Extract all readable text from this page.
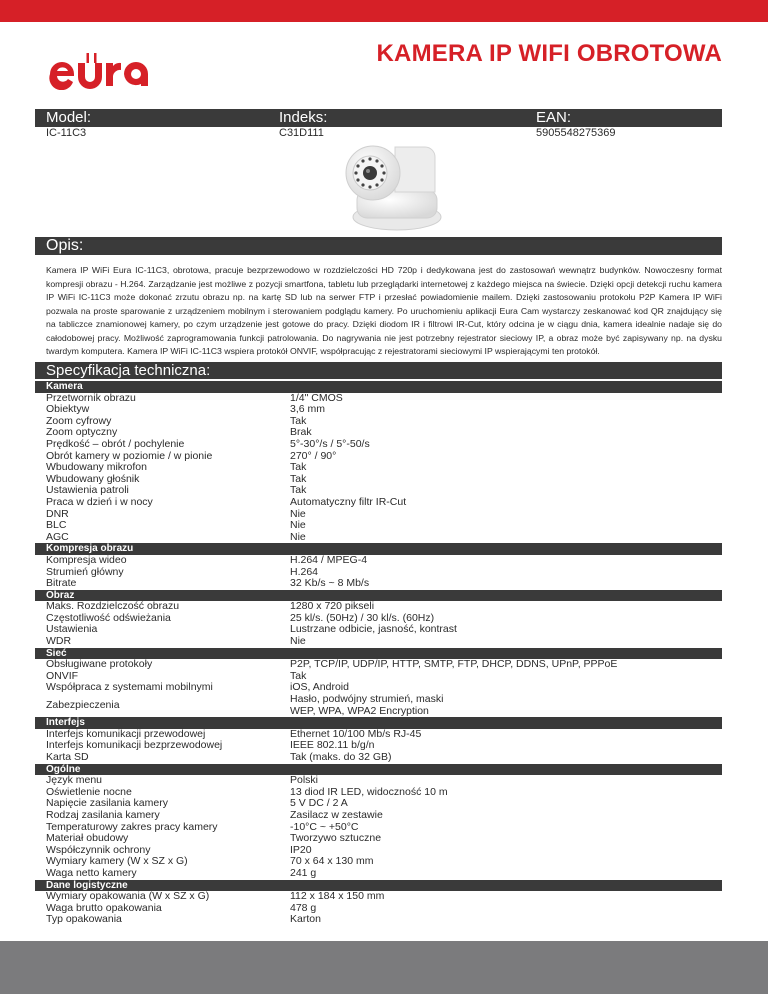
KAMERA IP WIFI OBROTOWA
Model:	Indeks:	EAN:
IC-11C3	C31D111	5905548275369
Opis:
Kamera IP WiFi Eura IC-11C3, obrotowa, pracuje bezprzewodowo w rozdzielczości HD 720p i dedykowana jest do zastosowań wewnątrz budynków. Nowoczesny format kompresji obrazu - H.264. Zarządzanie jest możliwe z pozycji smartfona, tabletu lub przeglądarki internetowej z każdego miejsca na świecie. Dzięki opcji detekcji ruchu kamera IP WiFi IC-11C3 może dokonać zrzutu obrazu np. na kartę SD lub na serwer FTP i przesłać powiadomienie mailem. Dzięki zastosowaniu protokołu P2P Kamera IP WiFi pozwala na proste sparowanie z urządzeniem mobilnym i sterowaniem podglądu kamery. Po uruchomieniu aplikacji Eura Cam wystarczy zeskanować kod QR znajdujący się na tabliczce znamionowej kamery, po czym urządzenie jest gotowe do pracy. Dzięki diodom IR i filtrowi IR-Cut, który odcina je w ciągu dnia, kamera idealnie nadaje się do całodobowej pracy. Możliwość zaprogramowania funkcji patrolowania. Do nagrywania nie jest potrzebny rejestrator sieciowy IP, a obraz może być zapisywany np. na dysku twardym komputera. Kamera IP WiFi IC-11C3 wspiera protokół ONVIF, współpracując z rejestratorami sieciowymi IP wspierającymi ten protokół.
Specyfikacja techniczna:
Kamera
Przetwornik obrazu	1/4" CMOS
Obiektyw	3,6 mm
Zoom cyfrowy	Tak
Zoom optyczny	Brak
Prędkość – obrót / pochylenie	5°-30°/s / 5°-50/s
Obrót kamery w poziomie / w pionie	270° / 90°
Wbudowany mikrofon	Tak
Wbudowany głośnik	Tak
Ustawienia patroli	Tak
Praca w dzień i w nocy	Automatyczny filtr IR-Cut
DNR	Nie
BLC	Nie
AGC	Nie
Kompresja obrazu
Kompresja wideo	H.264 / MPEG-4
Strumień główny	H.264
Bitrate	32 Kb/s ~ 8 Mb/s
Obraz
Maks. Rozdzielczość obrazu	1280 x 720 pikseli
Częstotliwość odświeżania	25 kl/s. (50Hz) / 30 kl/s. (60Hz)
Ustawienia	Lustrzane odbicie, jasność, kontrast
WDR	Nie
Sieć
Obsługiwane protokoły	P2P, TCP/IP, UDP/IP, HTTP, SMTP, FTP, DHCP, DDNS, UPnP, PPPoE
ONVIF	Tak
Współpraca z systemami mobilnymi	iOS, Android
Zabezpieczenia	Hasło, podwójny strumień, maski
WEP, WPA, WPA2 Encryption
Interfejs
Interfejs komunikacji przewodowej	Ethernet 10/100 Mb/s RJ-45
Interfejs komunikacji bezprzewodowej	IEEE 802.11 b/g/n
Karta SD	Tak (maks. do 32 GB)
Ogólne
Język menu	Polski
Oświetlenie nocne	13 diod IR LED, widoczność 10 m
Napięcie zasilania kamery	5 V DC / 2 A
Rodzaj zasilania kamery	Zasilacz w zestawie
Temperaturowy zakres pracy kamery	-10°C ~ +50°C
Materiał obudowy	Tworzywo sztuczne
Współczynnik ochrony	IP20
Wymiary kamery (W x SZ x G)	70 x 64 x 130 mm
Waga netto kamery	241 g
Dane logistyczne
Wymiary opakowania (W x SZ x G)	112 x 184 x 150 mm
Waga brutto opakowania	478 g
Typ opakowania	Karton
